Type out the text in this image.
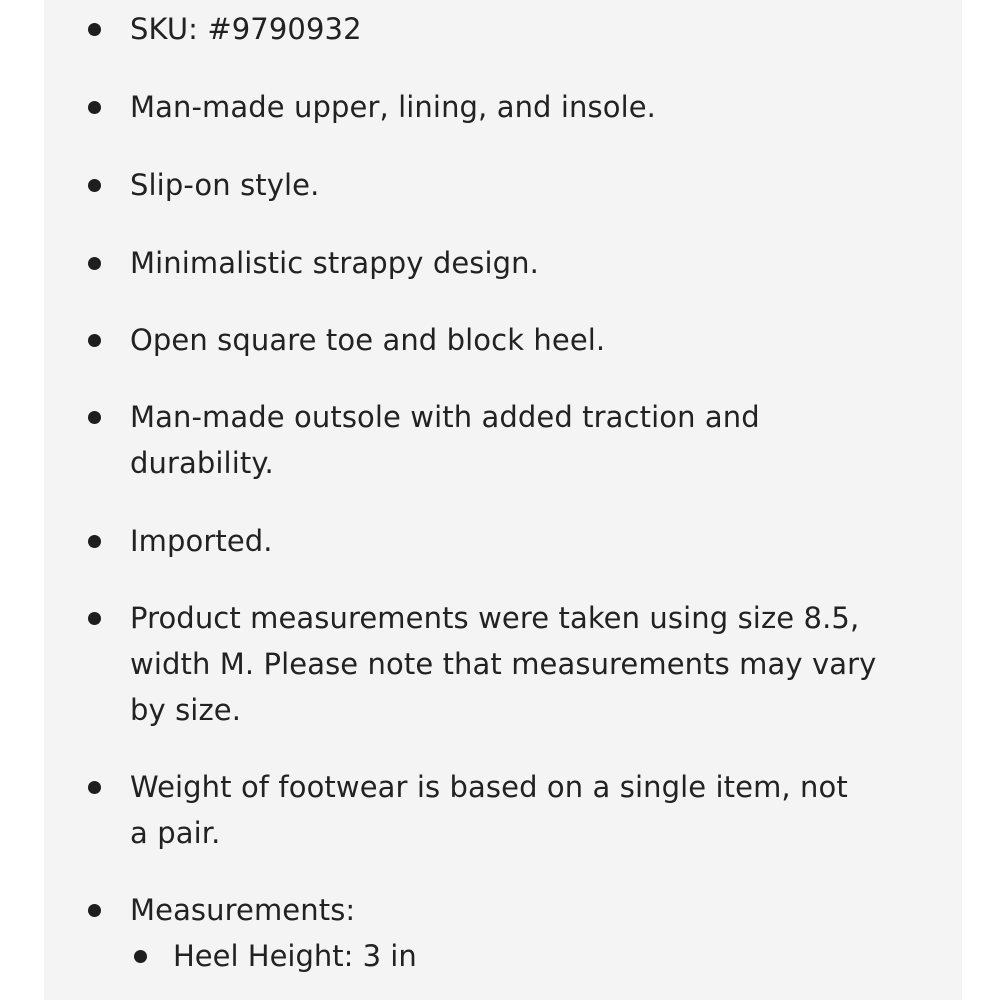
SKU: #9790932
Man-made upper, lining, and insole.
Slip-on style.
Minimalistic strappy design.
Open square toe and block heel.
Man-made outsole with added traction and durability.
Imported.
Product measurements were taken using size 8.5, width M. Please note that measurements may vary by size.
Weight of footwear is based on a single item, not a pair.
Measurements:
Heel Height: 3 in
